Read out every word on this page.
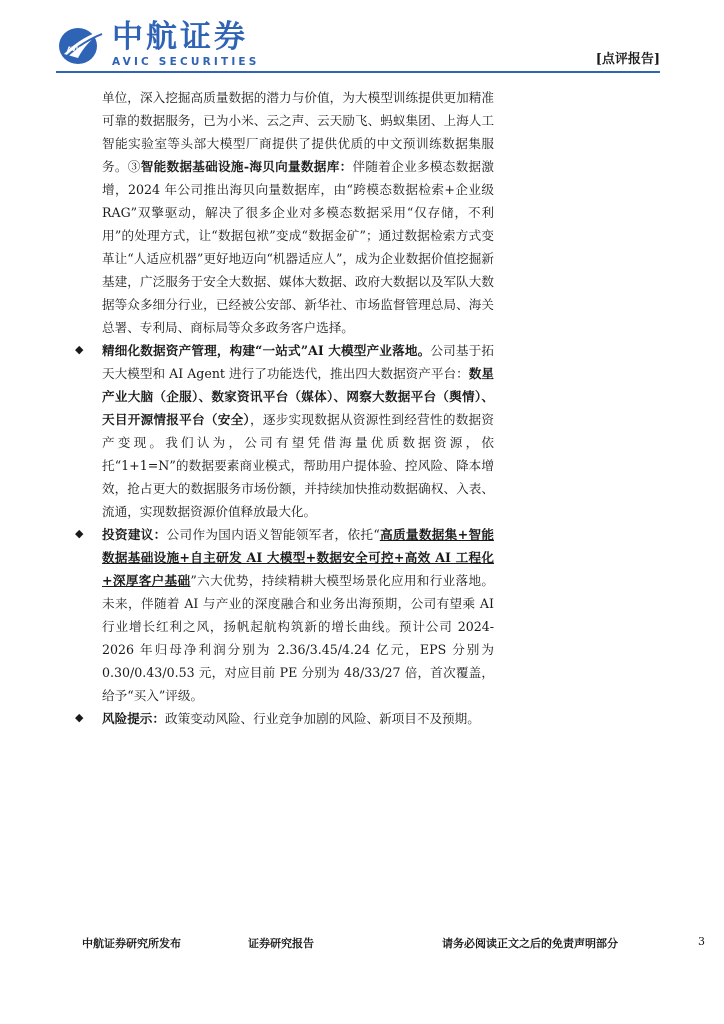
AVIC 中航证券
AVIC SECURITIES	[点评报告]

单位，深入挖掘高质量数据的潜力与价值，为大模型训练提供更加精准可靠的数据服务，已为小米、云之声、云天励飞、蚂蚁集团、上海人工智能实验室等头部大模型厂商提供了提供优质的中文预训练数据集服务。③智能数据基础设施-海贝向量数据库：伴随着企业多模态数据激增，2024 年公司推出海贝向量数据库，由“跨模态数据检索+企业级 RAG”双擎驱动，解决了很多企业对多模态数据采用“仅存储，不利用”的处理方式，让“数据包袱”变成“数据金矿”；通过数据检索方式变革让“人适应机器”更好地迈向“机器适应人”，成为企业数据价值挖掘新基建，广泛服务于安全大数据、媒体大数据、政府大数据以及军队大数据等众多细分行业，已经被公安部、新华社、市场监督管理总局、海关总署、专利局、商标局等众多政务客户选择。

◆ 精细化数据资产管理，构建“一站式”AI 大模型产业落地。公司基于拓天大模型和 AI Agent 进行了功能迭代，推出四大数据资产平台：数星产业大脑（企服）、数家资讯平台（媒体）、网察大数据平台（舆情）、天目开源情报平台（安全），逐步实现数据从资源性到经营性的数据资产变现。我们认为，公司有望凭借海量优质数据资源，依托“1+1=N”的数据要素商业模式，帮助用户提体验、控风险、降本增效，抢占更大的数据服务市场份额，并持续加快推动数据确权、入表、流通，实现数据资源价值释放最大化。

◆ 投资建议：公司作为国内语义智能领军者，依托“高质量数据集+智能数据基础设施+自主研发 AI 大模型+数据安全可控+高效 AI 工程化+深厚客户基础”六大优势，持续精耕大模型场景化应用和行业落地。未来，伴随着 AI 与产业的深度融合和业务出海预期，公司有望乘 AI 行业增长红利之风，扬帆起航构筑新的增长曲线。预计公司 2024-2026 年归母净利润分别为 2.36/3.45/4.24 亿元，EPS 分别为 0.30/0.43/0.53 元，对应目前 PE 分别为 48/33/27 倍，首次覆盖，给予“买入”评级。

◆ 风险提示：政策变动风险、行业竞争加剧的风险、新项目不及预期。

中航证券研究所发布	证券研究报告	请务必阅读正文之后的免责声明部分	3
